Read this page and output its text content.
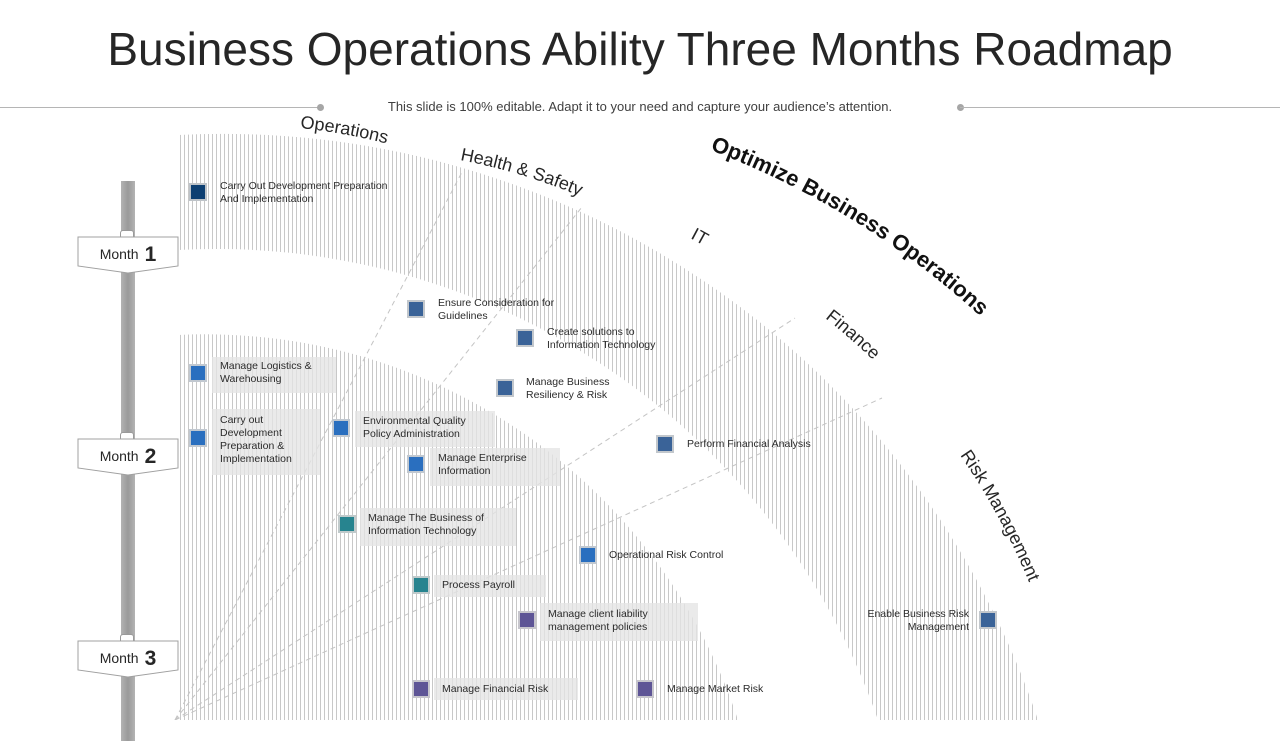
Business Operations Ability Three Months Roadmap
This slide is 100% editable. Adapt it to your need and capture your audience’s attention.
Operations
Health & Safety
IT
Finance
Risk Management
Optimize Business Operations
Month 1
Month 2
Month 3
Carry Out Development Preparation And Implementation
Ensure Consideration for Guidelines
Create solutions to Information Technology
Manage Logistics & Warehousing	Manage Business Resiliency & Risk
Carry out Development Preparation & Implementation
Environmental Quality Policy Administration
Manage Enterprise Information
Perform Financial Analysis
Manage The Business of Information Technology
Operational Risk Control
Process Payroll
Manage client liability management policies
Enable Business Risk Management
Manage Financial Risk	Manage Market Risk
